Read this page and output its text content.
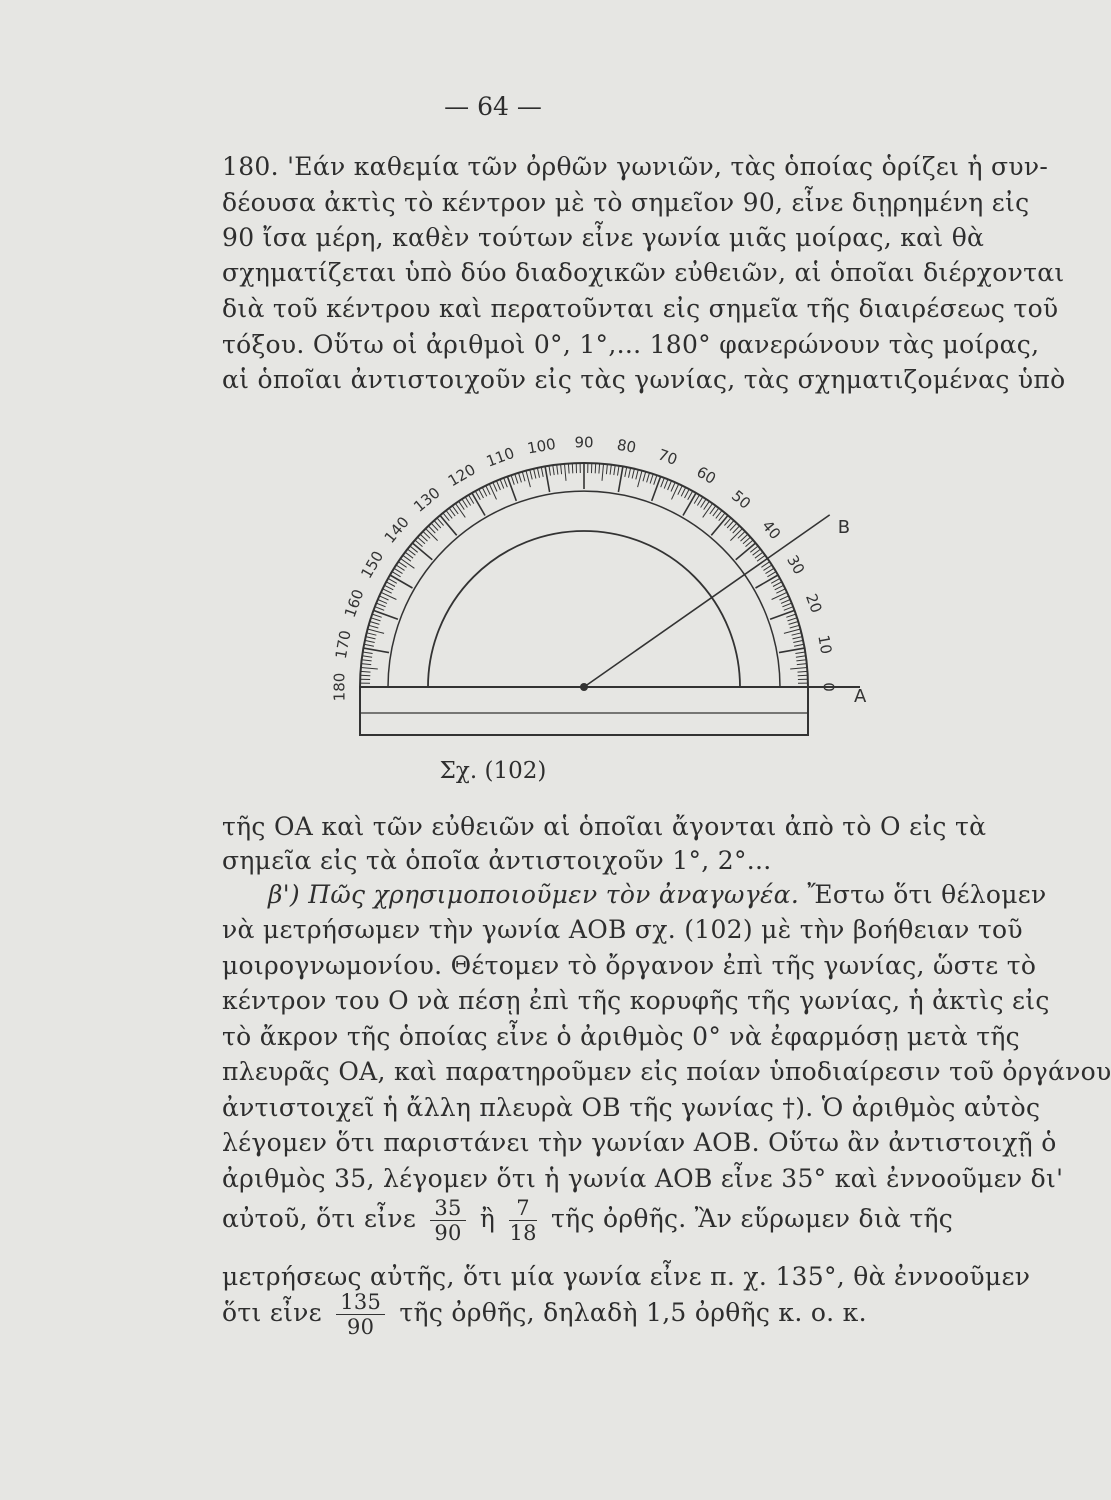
— 64 —
180. 'Εάν καθεμία τῶν ὀρθῶν γωνιῶν, τὰς ὁποίας ὁρίζει ἡ συν-
δέουσα ἀκτὶς τὸ κέντρον μὲ τὸ σημεῖον 90, εἶνε διῃρημένη εἰς
90 ἴσα μέρη, καθὲν τούτων εἶνε γωνία μιᾶς μοίρας, καὶ θὰ
σχηματίζεται ὑπὸ δύο διαδοχικῶν εὐθειῶν, αἱ ὁποῖαι διέρχονται
διὰ τοῦ κέντρου καὶ περατοῦνται εἰς σημεῖα τῆς διαιρέσεως τοῦ
τόξου. Οὕτω οἱ ἀριθμοὶ 0°, 1°,... 180° φανερώνουν τὰς μοίρας,
αἱ ὁποῖαι ἀντιστοιχοῦν εἰς τὰς γωνίας, τὰς σχηματιζομένας ὑπὸ
0
10
20
30
40
50
60
70
80
90
100
110
120
130
140
150
160
170
180	A
B
Σχ. (102)
τῆς ΟΑ καὶ τῶν εὐθειῶν αἱ ὁποῖαι ἄγονται ἀπὸ τὸ Ο εἰς τὰ
σημεῖα εἰς τὰ ὁποῖα ἀντιστοιχοῦν 1°, 2°...
β') Πῶς χρησιμοποιοῦμεν τὸν ἀναγωγέα. Ἔστω ὅτι θέλομεν
νὰ μετρήσωμεν τὴν γωνία ΑΟΒ σχ. (102) μὲ τὴν βοήθειαν τοῦ
μοιρογνωμονίου. Θέτομεν τὸ ὄργανον ἐπὶ τῆς γωνίας, ὥστε τὸ
κέντρον του Ο νὰ πέσῃ ἐπὶ τῆς κορυφῆς τῆς γωνίας, ἡ ἀκτὶς εἰς
τὸ ἄκρον τῆς ὁποίας εἶνε ὁ ἀριθμὸς 0° νὰ ἐφαρμόσῃ μετὰ τῆς
πλευρᾶς ΟΑ, καὶ παρατηροῦμεν εἰς ποίαν ὑποδιαίρεσιν τοῦ ὀργάνου
ἀντιστοιχεῖ ἡ ἄλλη πλευρὰ ΟΒ τῆς γωνίας †). Ὁ ἀριθμὸς αὐτὸς
λέγομεν ὅτι παριστάνει τὴν γωνίαν ΑΟΒ. Οὕτω ἂν ἀντιστοιχῇ ὁ
ἀριθμὸς 35, λέγομεν ὅτι ἡ γωνία ΑΟΒ εἶνε 35° καὶ ἐννοοῦμεν δι'
αὐτοῦ, ὅτι εἶνε $\frac{35}{90}$ ἢ $\frac{7}{18}$ τῆς ὀρθῆς. Ἂν εὕρωμεν διὰ τῆς
μετρήσεως αὐτῆς, ὅτι μία γωνία εἶνε π. χ. 135°, θὰ ἐννοοῦμεν
ὅτι εἶνε $\frac{135}{90}$ τῆς ὀρθῆς, δηλαδὴ 1,5 ὀρθῆς κ. ο. κ.
